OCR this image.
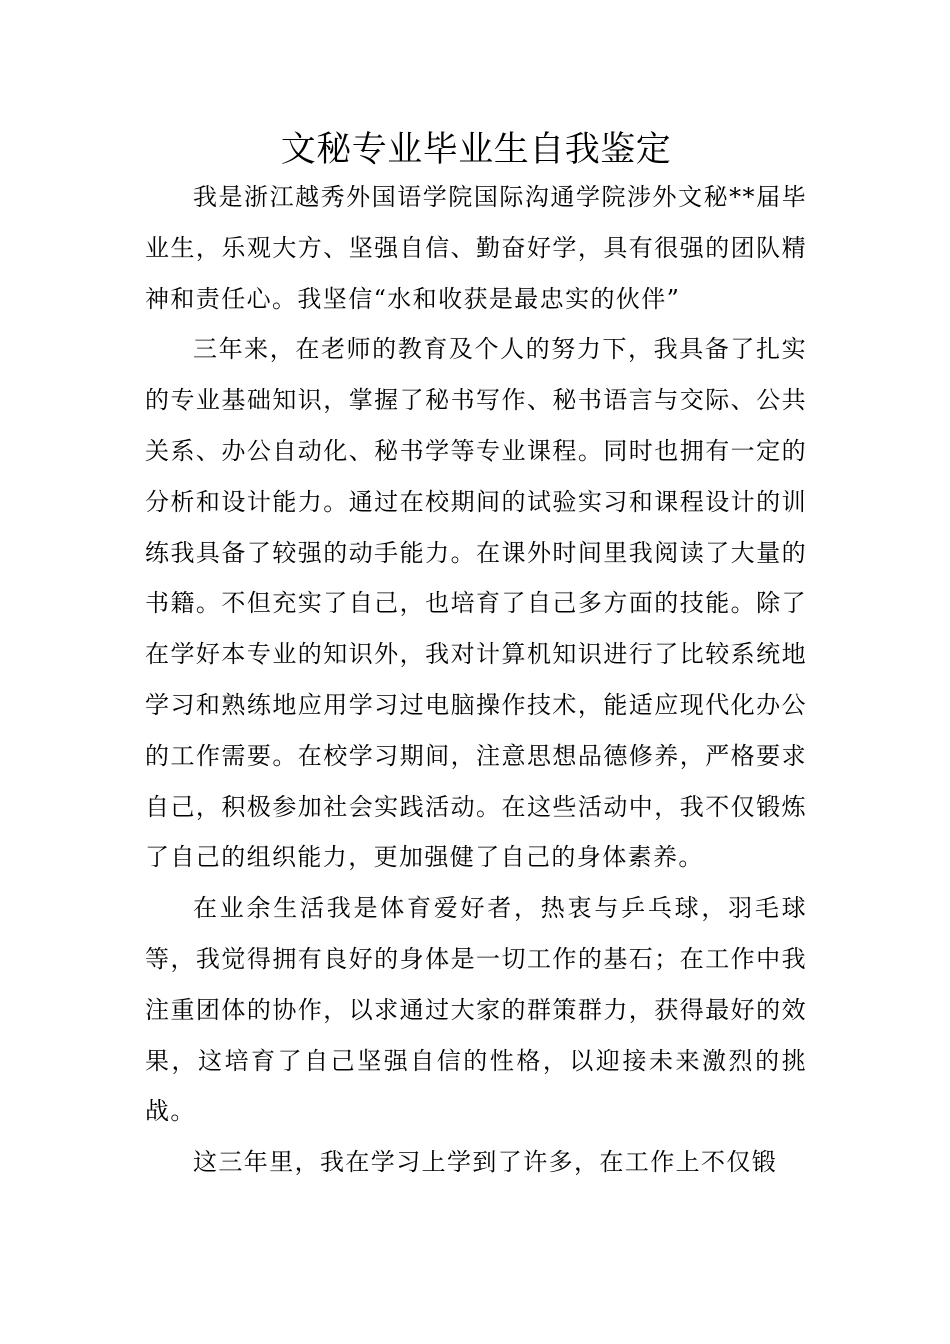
文秘专业毕业生自我鉴定

我是浙江越秀外国语学院国际沟通学院涉外文秘**届毕业生，乐观大方、坚强自信、勤奋好学，具有很强的团队精神和责任心。我坚信“水和收获是最忠实的伙伴”

三年来，在老师的教育及个人的努力下，我具备了扎实的专业基础知识，掌握了秘书写作、秘书语言与交际、公共关系、办公自动化、秘书学等专业课程。同时也拥有一定的分析和设计能力。通过在校期间的试验实习和课程设计的训练我具备了较强的动手能力。在课外时间里我阅读了大量的书籍。不但充实了自己，也培育了自己多方面的技能。除了在学好本专业的知识外，我对计算机知识进行了比较系统地学习和熟练地应用学习过电脑操作技术，能适应现代化办公的工作需要。在校学习期间，注意思想品德修养，严格要求自己，积极参加社会实践活动。在这些活动中，我不仅锻炼了自己的组织能力，更加强健了自己的身体素养。

在业余生活我是体育爱好者，热衷与乒乓球，羽毛球等，我觉得拥有良好的身体是一切工作的基石；在工作中我注重团体的协作，以求通过大家的群策群力，获得最好的效果，这培育了自己坚强自信的性格，以迎接未来激烈的挑战。

这三年里，我在学习上学到了许多，在工作上不仅锻
